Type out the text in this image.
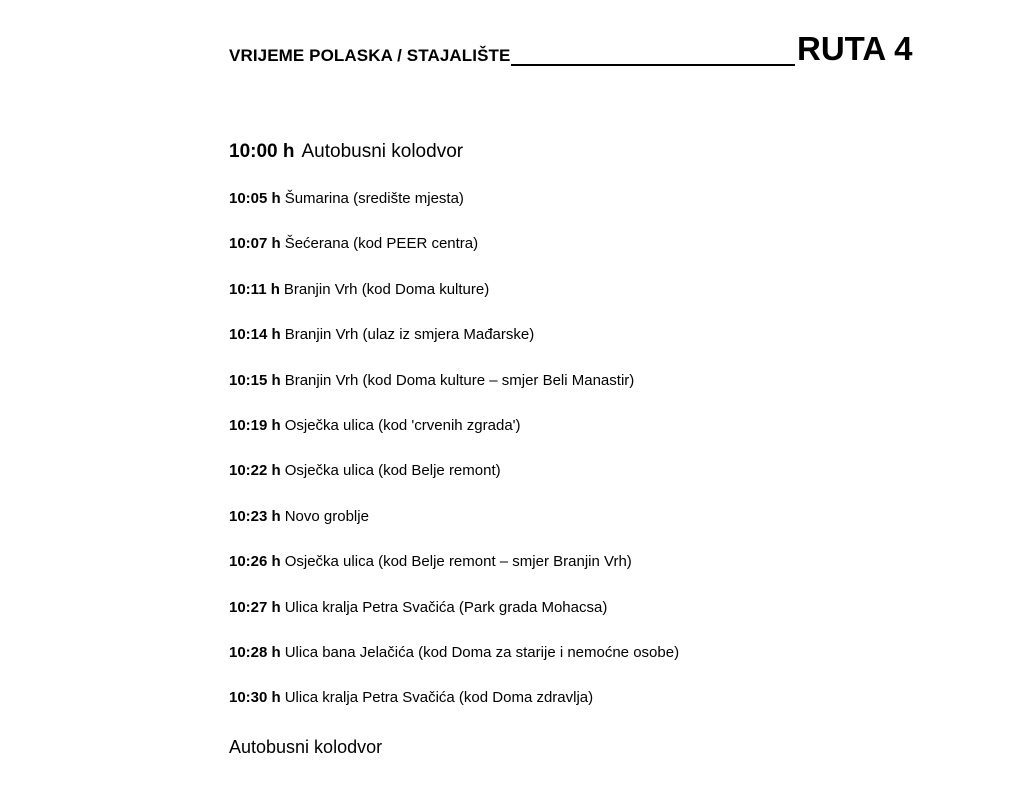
VRIJEME POLASKA / STAJALIŠTE	RUTA 4
10:00 h Autobusni kolodvor
10:05 h Šumarina (središte mjesta)
10:07 h Šećerana (kod PEER centra)
10:11 h Branjin Vrh (kod Doma kulture)
10:14 h Branjin Vrh (ulaz iz smjera Mađarske)
10:15 h Branjin Vrh (kod Doma kulture – smjer Beli Manastir)
10:19 h Osječka ulica (kod 'crvenih zgrada')
10:22 h Osječka ulica (kod Belje remont)
10:23 h Novo groblje
10:26 h Osječka ulica (kod Belje remont – smjer Branjin Vrh)
10:27 h Ulica kralja Petra Svačića (Park grada Mohacsa)
10:28 h Ulica bana Jelačića (kod Doma za starije i nemoćne osobe)
10:30 h Ulica kralja Petra Svačića (kod Doma zdravlja)
Autobusni kolodvor
